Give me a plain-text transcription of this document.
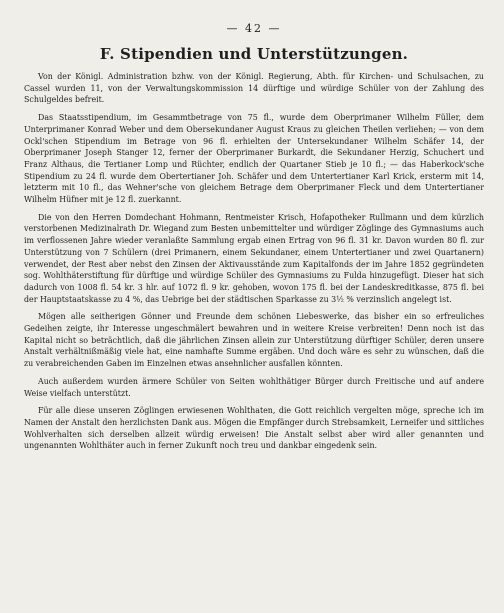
— 42 —
F. Stipendien und Unterstützungen.

Von der Königl. Administration bzhw. von der Königl. Regierung, Abth. für Kirchen- und Schulsachen, zu Cassel wurden 11, von der Verwaltungskommission 14 dürftige und würdige Schüler von der Zahlung des Schulgeldes befreit.

Das Staatsstipendium, im Gesammtbetrage von 75 fl., wurde dem Oberprimaner Wilhelm Füller, dem Unterprimaner Konrad Weber und dem Obersekundaner August Kraus zu gleichen Theilen verliehen; — von dem Ockl'schen Stipendium im Betrage von 96 fl. erhielten der Untersekundaner Wilhelm Schäfer 14, der Oberprimaner Joseph Stanger 12, ferner der Oberprimaner Burkardt, die Sekundaner Herzig, Schuchert und Franz Althaus, die Tertianer Lomp und Rüchter, endlich der Quartaner Stieb je 10 fl.; — das Haberkock'sche Stipendium zu 24 fl. wurde dem Obertertianer Joh. Schäfer und dem Untertertianer Karl Krick, ersterm mit 14, letzterm mit 10 fl., das Wehner'sche von gleichem Betrage dem Oberprimaner Fleck und dem Untertertianer Wilhelm Hüfner mit je 12 fl. zuerkannt.

Die von den Herren Domdechant Hohmann, Rentmeister Krisch, Hofapotheker Rullmann und dem kürzlich verstorbenen Medizinalrath Dr. Wiegand zum Besten unbemittelter und würdiger Zöglinge des Gymnasiums auch im verflossenen Jahre wieder veranlaßte Sammlung ergab einen Ertrag von 96 fl. 31 kr. Davon wurden 80 fl. zur Unterstützung von 7 Schülern (drei Primanern, einem Sekundaner, einem Untertertianer und zwei Quartanern) verwendet, der Rest aber nebst den Zinsen der Aktivausstände zum Kapitalfonds der im Jahre 1852 gegründeten sog. Wohlthäterstiftung für dürftige und würdige Schüler des Gymnasiums zu Fulda hinzugefügt. Dieser hat sich dadurch von 1008 fl. 54 kr. 3 hlr. auf 1072 fl. 9 kr. gehoben, wovon 175 fl. bei der Landeskreditkasse, 875 fl. bei der Hauptstaatskasse zu 4 %, das Uebrige bei der städtischen Sparkasse zu 3½ % verzinslich angelegt ist.

Mögen alle seitherigen Gönner und Freunde dem schönen Liebeswerke, das bisher ein so erfreuliches Gedeihen zeigte, ihr Interesse ungeschmälert bewahren und in weitere Kreise verbreiten! Denn noch ist das Kapital nicht so beträchtlich, daß die jährlichen Zinsen allein zur Unterstützung dürftiger Schüler, deren unsere Anstalt verhältnißmäßig viele hat, eine namhafte Summe ergäben. Und doch wäre es sehr zu wünschen, daß die zu verabreichenden Gaben im Einzelnen etwas ansehnlicher ausfallen könnten.

Auch außerdem wurden ärmere Schüler von Seiten wohlthätiger Bürger durch Freitische und auf andere Weise vielfach unterstützt.

Für alle diese unseren Zöglingen erwiesenen Wohlthaten, die Gott reichlich vergelten möge, spreche ich im Namen der Anstalt den herzlichsten Dank aus. Mögen die Empfänger durch Strebsamkeit, Lerneifer und sittliches Wohlverhalten sich derselben allzeit würdig erweisen! Die Anstalt selbst aber wird aller genannten und ungenannten Wohlthäter auch in ferner Zukunft noch treu und dankbar eingedenk sein.
